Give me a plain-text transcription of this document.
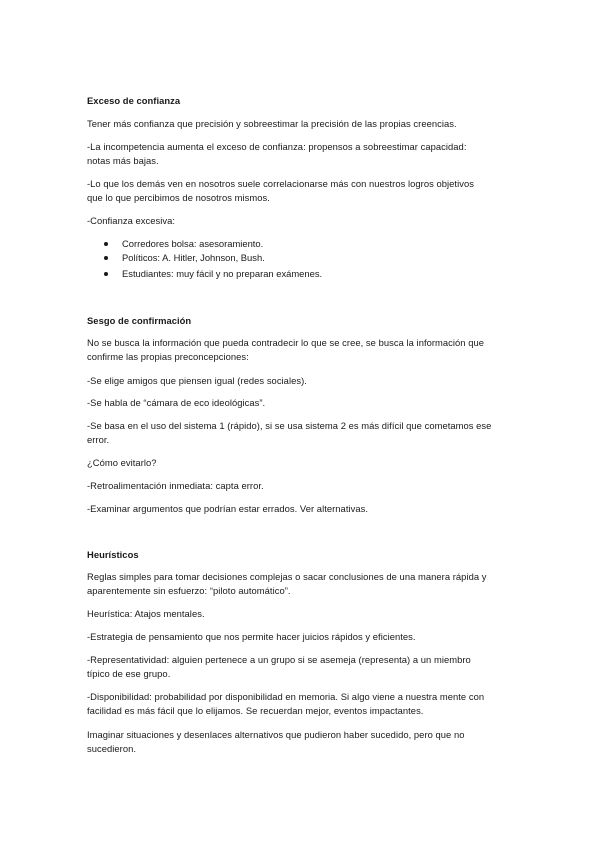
Exceso de confianza
Tener más confianza que precisión y sobreestimar la precisión de las propias creencias.
-La incompetencia aumenta el exceso de confianza: propensos a sobreestimar capacidad:
notas más bajas.
-Lo que los demás ven en nosotros suele correlacionarse más con nuestros logros objetivos
que lo que percibimos de nosotros mismos.
-Confianza excesiva:
Corredores bolsa: asesoramiento.
Políticos: A. Hitler, Johnson, Bush.
Estudiantes: muy fácil y no preparan exámenes.
Sesgo de confirmación
No se busca la información que pueda contradecir lo que se cree, se busca la información que
confirme las propias preconcepciones:
-Se elige amigos que piensen igual (redes sociales).
-Se habla de “cámara de eco ideológicas”.
-Se basa en el uso del sistema 1 (rápido), si se usa sistema 2 es más difícil que cometamos ese
error.
¿Cómo evitarlo?
-Retroalimentación inmediata: capta error.
-Examinar argumentos que podrían estar errados. Ver alternativas.
Heurísticos
Reglas simples para tomar decisiones complejas o sacar conclusiones de una manera rápida y
aparentemente sin esfuerzo: “piloto automático”.
Heurística: Atajos mentales.
-Estrategia de pensamiento que nos permite hacer juicios rápidos y eficientes.
-Representatividad: alguien pertenece a un grupo si se asemeja (representa) a un miembro
típico de ese grupo.
-Disponibilidad: probabilidad por disponibilidad en memoria. Si algo viene a nuestra mente con
facilidad es más fácil que lo elijamos. Se recuerdan mejor, eventos impactantes.
Imaginar situaciones y desenlaces alternativos que pudieron haber sucedido, pero que no
sucedieron.
